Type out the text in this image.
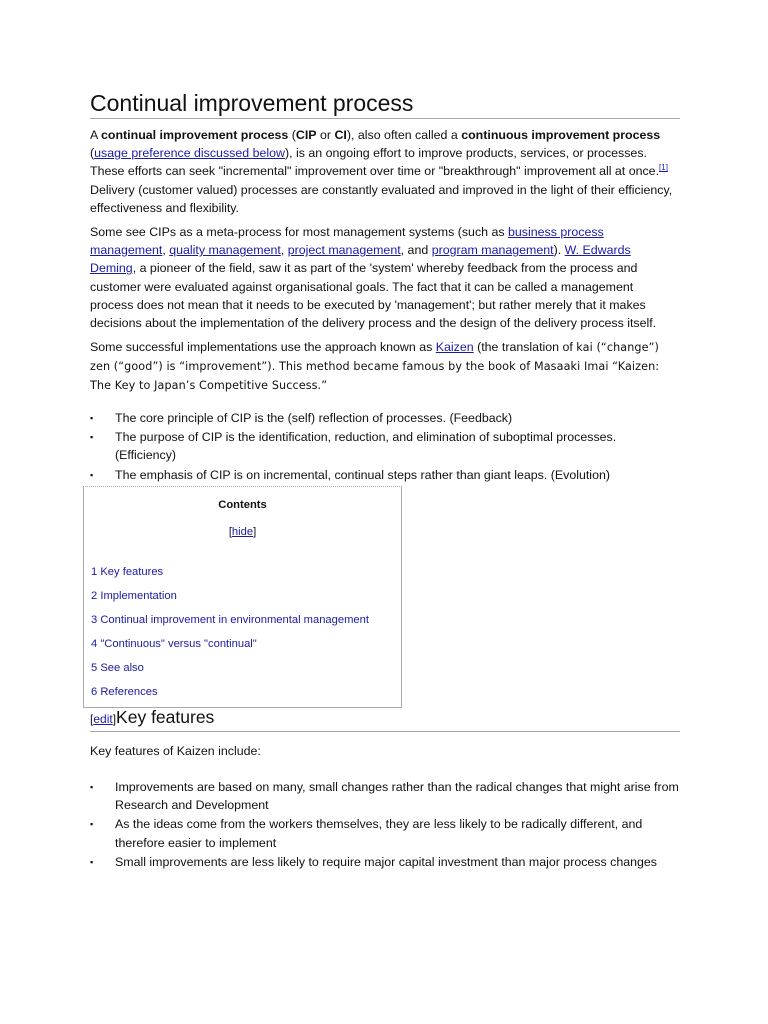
Continual improvement process

A continual improvement process (CIP or CI), also often called a continuous improvement process (usage preference discussed below), is an ongoing effort to improve products, services, or processes. These efforts can seek "incremental" improvement over time or "breakthrough" improvement all at once.[1] Delivery (customer valued) processes are constantly evaluated and improved in the light of their efficiency, effectiveness and flexibility.

Some see CIPs as a meta-process for most management systems (such as business process management, quality management, project management, and program management). W. Edwards Deming, a pioneer of the field, saw it as part of the 'system' whereby feedback from the process and customer were evaluated against organisational goals. The fact that it can be called a management process does not mean that it needs to be executed by 'management'; but rather merely that it makes decisions about the implementation of the delivery process and the design of the delivery process itself.

Some successful implementations use the approach known as Kaizen (the translation of kai (“change”) zen (“good”) is “improvement”). This method became famous by the book of Masaaki Imai “Kaizen: The Key to Japan’s Competitive Success.”

▪ The core principle of CIP is the (self) reflection of processes. (Feedback)
▪ The purpose of CIP is the identification, reduction, and elimination of suboptimal processes. (Efficiency)
▪ The emphasis of CIP is on incremental, continual steps rather than giant leaps. (Evolution)
Contents
[hide]
1 Key features
2 Implementation
3 Continual improvement in environmental management
4 "Continuous" versus "continual"
5 See also
6 References
[edit]Key features

Key features of Kaizen include:

▪ Improvements are based on many, small changes rather than the radical changes that might arise from Research and Development
▪ As the ideas come from the workers themselves, they are less likely to be radically different, and therefore easier to implement
▪ Small improvements are less likely to require major capital investment than major process changes
